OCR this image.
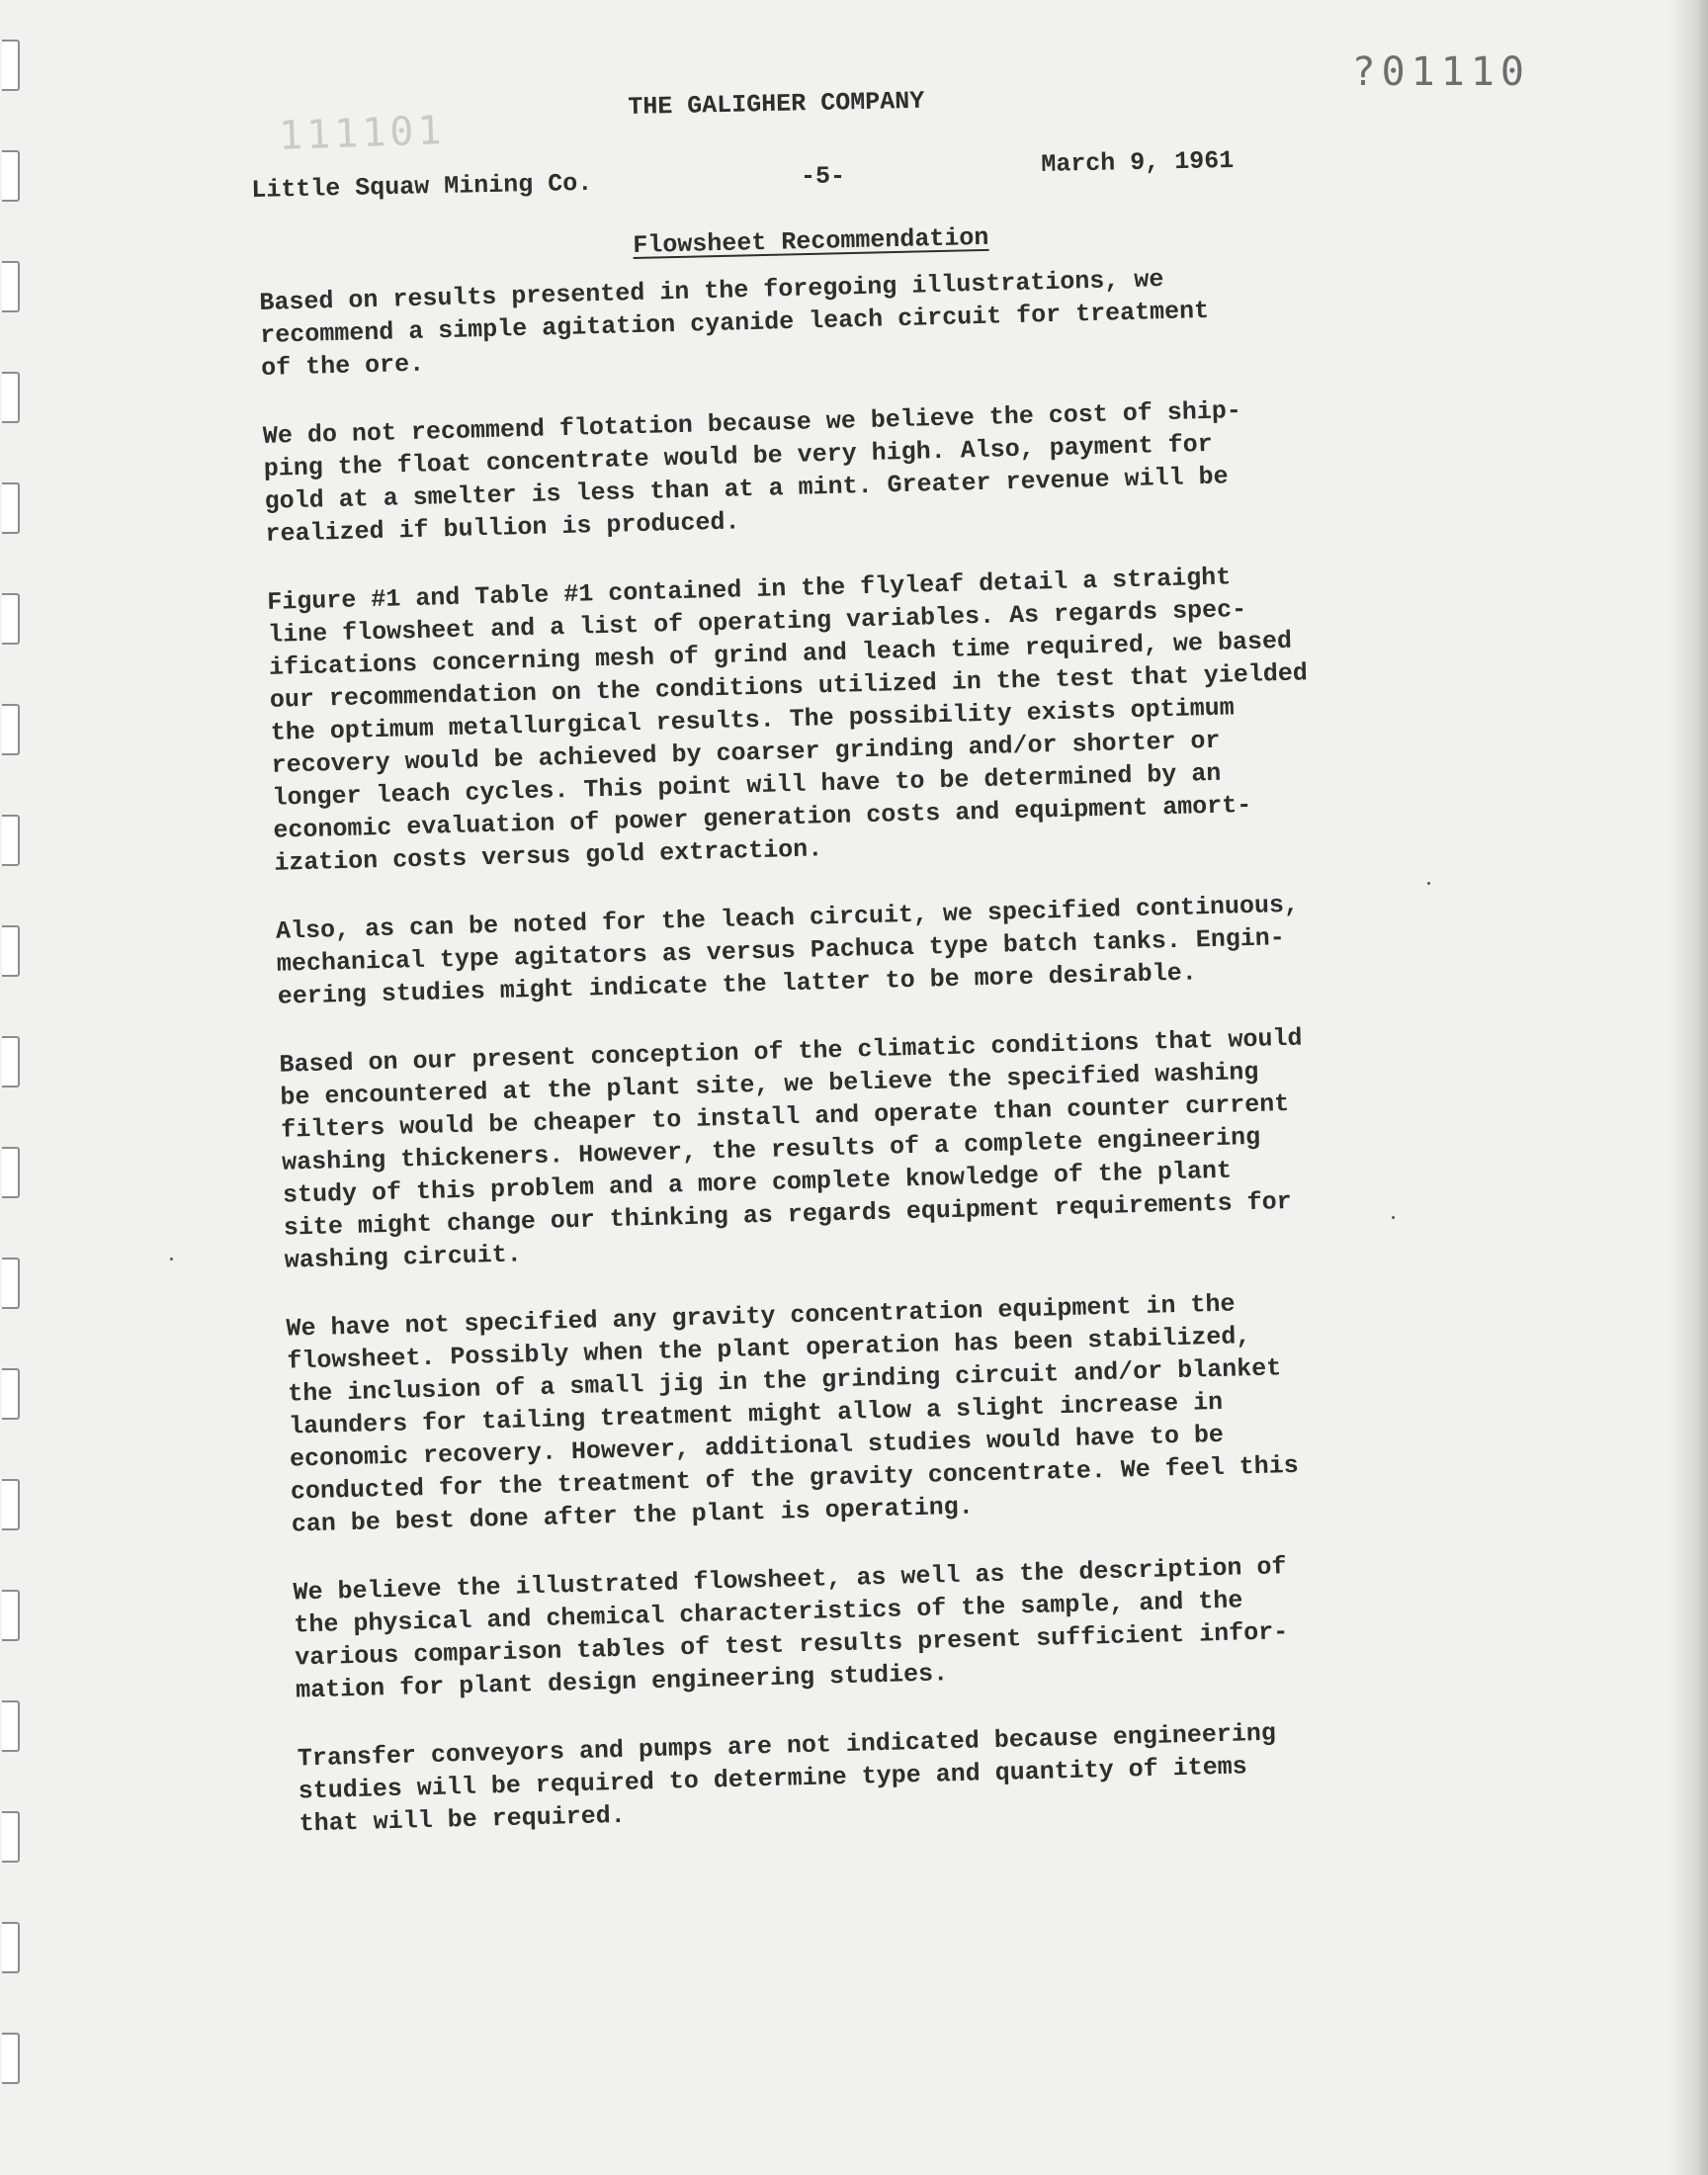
?01110
111101
THE GALIGHER COMPANY
Little Squaw Mining Co.	-5-	March 9, 1961
Flowsheet Recommendation

Based on results presented in the foregoing illustrations, we
recommend a simple agitation cyanide leach circuit for treatment
of the ore.

We do not recommend flotation because we believe the cost of ship-
ping the float concentrate would be very high. Also, payment for
gold at a smelter is less than at a mint. Greater revenue will be
realized if bullion is produced.

Figure #1 and Table #1 contained in the flyleaf detail a straight
line flowsheet and a list of operating variables. As regards spec-
ifications concerning mesh of grind and leach time required, we based
our recommendation on the conditions utilized in the test that yielded
the optimum metallurgical results. The possibility exists optimum
recovery would be achieved by coarser grinding and/or shorter or
longer leach cycles. This point will have to be determined by an
economic evaluation of power generation costs and equipment amort-
ization costs versus gold extraction.

Also, as can be noted for the leach circuit, we specified continuous,
mechanical type agitators as versus Pachuca type batch tanks. Engin-
eering studies might indicate the latter to be more desirable.

Based on our present conception of the climatic conditions that would
be encountered at the plant site, we believe the specified washing
filters would be cheaper to install and operate than counter current
washing thickeners. However, the results of a complete engineering
study of this problem and a more complete knowledge of the plant
site might change our thinking as regards equipment requirements for
washing circuit.

We have not specified any gravity concentration equipment in the
flowsheet. Possibly when the plant operation has been stabilized,
the inclusion of a small jig in the grinding circuit and/or blanket
launders for tailing treatment might allow a slight increase in
economic recovery. However, additional studies would have to be
conducted for the treatment of the gravity concentrate. We feel this
can be best done after the plant is operating.

We believe the illustrated flowsheet, as well as the description of
the physical and chemical characteristics of the sample, and the
various comparison tables of test results present sufficient infor-
mation for plant design engineering studies.

Transfer conveyors and pumps are not indicated because engineering
studies will be required to determine type and quantity of items
that will be required.
